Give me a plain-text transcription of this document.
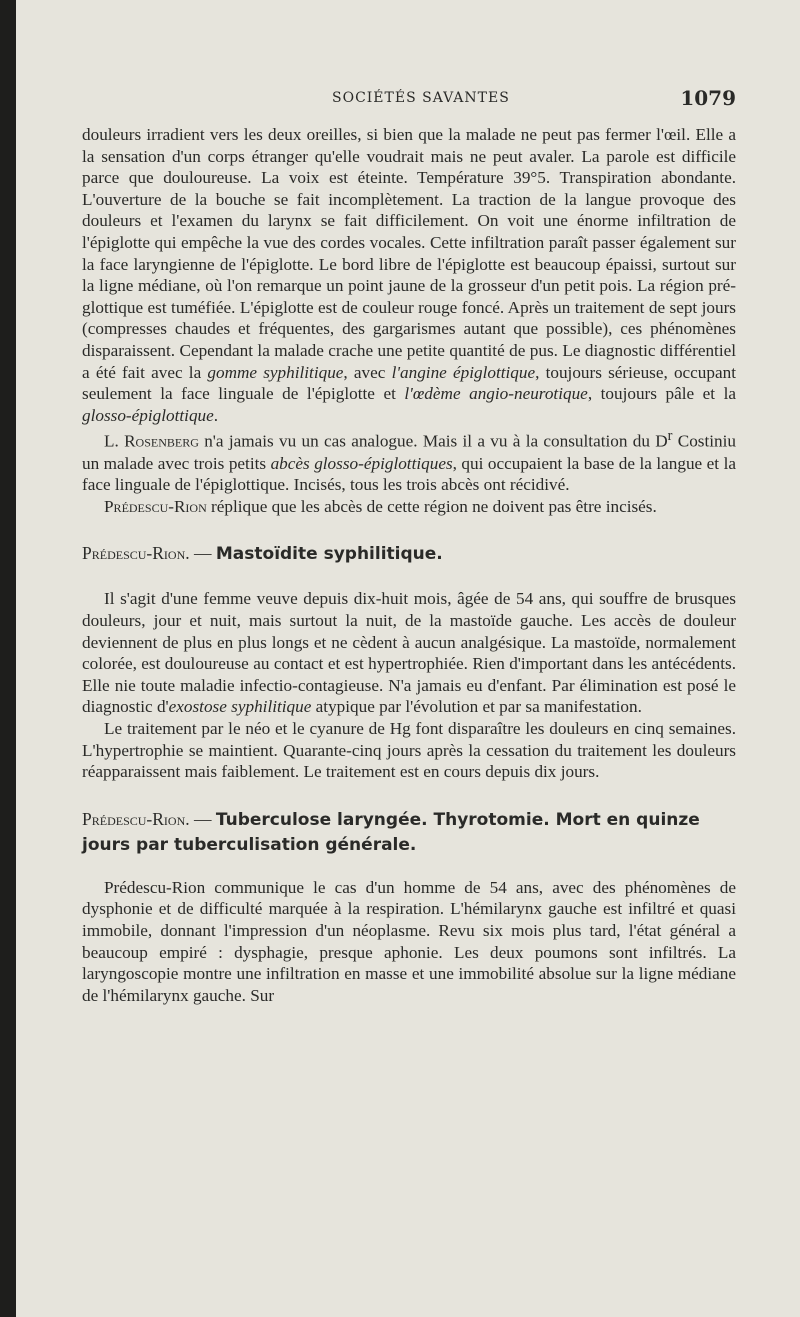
SOCIÉTÉS SAVANTES	1079

douleurs irradient vers les deux oreilles, si bien que la malade ne peut pas fermer l'œil. Elle a la sensation d'un corps étranger qu'elle voudrait mais ne peut avaler. La parole est difficile parce que douloureuse. La voix est éteinte. Température 39°5. Transpiration abondante. L'ouverture de la bouche se fait incomplètement. La traction de la langue provoque des douleurs et l'examen du larynx se fait difficilement. On voit une énorme infiltration de l'épiglotte qui empêche la vue des cordes vocales. Cette infiltration paraît passer également sur la face laryngienne de l'épiglotte. Le bord libre de l'épiglotte est beaucoup épaissi, surtout sur la ligne médiane, où l'on remarque un point jaune de la grosseur d'un petit pois. La région pré-glottique est tuméfiée. L'épiglotte est de couleur rouge foncé. Après un traitement de sept jours (compresses chaudes et fréquentes, des gargarismes autant que possible), ces phénomènes disparaissent. Cependant la malade crache une petite quantité de pus. Le diagnostic différentiel a été fait avec la gomme syphilitique, avec l'angine épiglottique, toujours sérieuse, occupant seulement la face linguale de l'épiglotte et l'œdème angio-neurotique, toujours pâle et la glosso-épiglottique.

L. Rosenberg n'a jamais vu un cas analogue. Mais il a vu à la consultation du $D^r$ Costiniu un malade avec trois petits abcès glosso-épiglottiques, qui occupaient la base de la langue et la face linguale de l'épiglottique. Incisés, tous les trois abcès ont récidivé.

Prédescu-Rion réplique que les abcès de cette région ne doivent pas être incisés.

Prédescu-Rion. — Mastoïdite syphilitique.

Il s'agit d'une femme veuve depuis dix-huit mois, âgée de 54 ans, qui souffre de brusques douleurs, jour et nuit, mais surtout la nuit, de la mastoïde gauche. Les accès de douleur deviennent de plus en plus longs et ne cèdent à aucun analgésique. La mastoïde, normalement colorée, est douloureuse au contact et est hypertrophiée. Rien d'important dans les antécédents. Elle nie toute maladie infectio-contagieuse. N'a jamais eu d'enfant. Par élimination est posé le diagnostic d'exostose syphilitique atypique par l'évolution et par sa manifestation.

Le traitement par le néo et le cyanure de Hg font disparaître les douleurs en cinq semaines. L'hypertrophie se maintient. Quarante-cinq jours après la cessation du traitement les douleurs réapparaissent mais faiblement. Le traitement est en cours depuis dix jours.

Prédescu-Rion. — Tuberculose laryngée. Thyrotomie. Mort en quinze jours par tuberculisation générale.

Prédescu-Rion communique le cas d'un homme de 54 ans, avec des phénomènes de dysphonie et de difficulté marquée à la respiration. L'hémilarynx gauche est infiltré et quasi immobile, donnant l'impression d'un néoplasme. Revu six mois plus tard, l'état général a beaucoup empiré : dysphagie, presque aphonie. Les deux poumons sont infiltrés. La laryngoscopie montre une infiltration en masse et une immobilité absolue sur la ligne médiane de l'hémilarynx gauche. Sur
